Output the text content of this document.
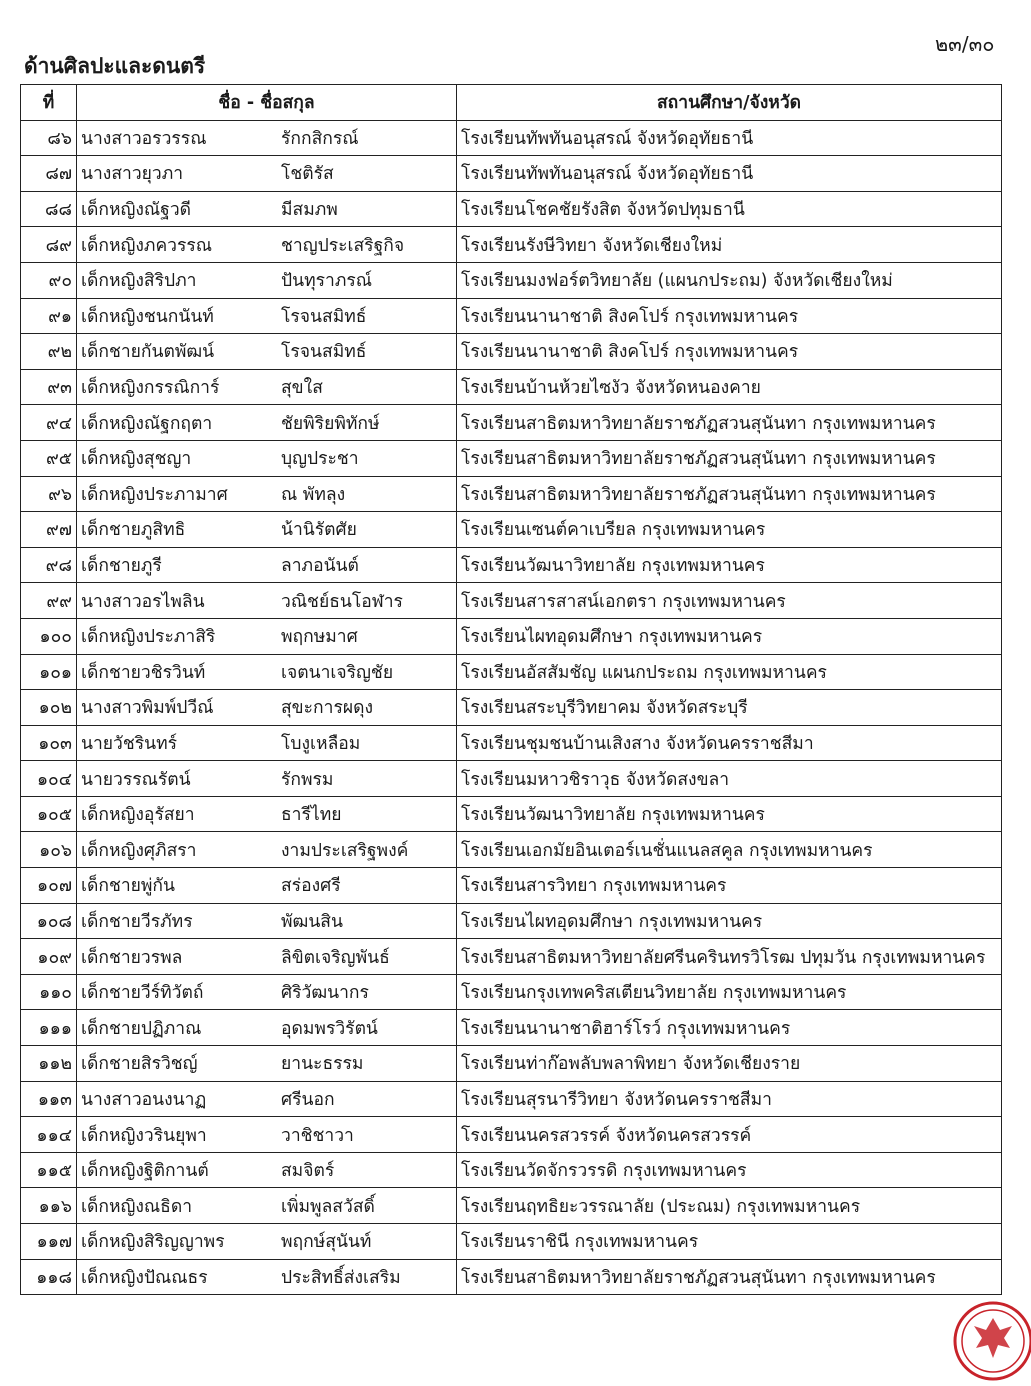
๒๓/๓๐
ด้านศิลปะและดนตรี
ที่	ชื่อ - ชื่อสกุล	สถานศึกษา/จังหวัด
๘๖	นางสาวอรวรรณ รักกสิกรณ์	โรงเรียนทัพทันอนุสรณ์ จังหวัดอุทัยธานี
๘๗	นางสาวยุวภา โชติรัส	โรงเรียนทัพทันอนุสรณ์ จังหวัดอุทัยธานี
๘๘	เด็กหญิงณัฐวดี มีสมภพ	โรงเรียนโชคชัยรังสิต จังหวัดปทุมธานี
๘๙	เด็กหญิงภควรรณ ชาญประเสริฐกิจ	โรงเรียนรังษีวิทยา จังหวัดเชียงใหม่
๙๐	เด็กหญิงสิริปภา ปันทุราภรณ์	โรงเรียนมงฟอร์ตวิทยาลัย (แผนกประถม) จังหวัดเชียงใหม่
๙๑	เด็กหญิงชนกนันท์ โรจนสมิทธ์	โรงเรียนนานาชาติ สิงคโปร์ กรุงเทพมหานคร
๙๒	เด็กชายกันตพัฒน์ โรจนสมิทธ์	โรงเรียนนานาชาติ สิงคโปร์ กรุงเทพมหานคร
๙๓	เด็กหญิงกรรณิการ์ สุขใส	โรงเรียนบ้านห้วยไซงัว จังหวัดหนองคาย
๙๔	เด็กหญิงณัฐกฤตา ชัยพิริยพิทักษ์	โรงเรียนสาธิตมหาวิทยาลัยราชภัฏสวนสุนันทา กรุงเทพมหานคร
๙๕	เด็กหญิงสุชญา บุญประชา	โรงเรียนสาธิตมหาวิทยาลัยราชภัฏสวนสุนันทา กรุงเทพมหานคร
๙๖	เด็กหญิงประภามาศ ณ พัทลุง	โรงเรียนสาธิตมหาวิทยาลัยราชภัฏสวนสุนันทา กรุงเทพมหานคร
๙๗	เด็กชายภูสิทธิ น้านิรัตศัย	โรงเรียนเซนต์คาเบรียล กรุงเทพมหานคร
๙๘	เด็กชายภูรี ลาภอนันต์	โรงเรียนวัฒนาวิทยาลัย กรุงเทพมหานคร
๙๙	นางสาวอรไพลิน วณิชย์ธนโอฬาร	โรงเรียนสารสาสน์เอกตรา กรุงเทพมหานคร
๑๐๐	เด็กหญิงประภาสิริ พฤกษมาศ	โรงเรียนไผทอุดมศึกษา กรุงเทพมหานคร
๑๐๑	เด็กชายวชิรวินท์ เจตนาเจริญชัย	โรงเรียนอัสสัมชัญ แผนกประถม กรุงเทพมหานคร
๑๐๒	นางสาวพิมพ์ปวีณ์ สุขะการผดุง	โรงเรียนสระบุรีวิทยาคม จังหวัดสระบุรี
๑๐๓	นายวัชรินทร์ โบงูเหลือม	โรงเรียนชุมชนบ้านเสิงสาง จังหวัดนครราชสีมา
๑๐๔	นายวรรณรัตน์ รักพรม	โรงเรียนมหาวชิราวุธ จังหวัดสงขลา
๑๐๕	เด็กหญิงอุรัสยา ธารีไทย	โรงเรียนวัฒนาวิทยาลัย กรุงเทพมหานคร
๑๐๖	เด็กหญิงศุภิสรา งามประเสริฐพงค์	โรงเรียนเอกมัยอินเตอร์เนชั่นแนลสคูล กรุงเทพมหานคร
๑๐๗	เด็กชายพู่กัน สร่องศรี	โรงเรียนสารวิทยา กรุงเทพมหานคร
๑๐๘	เด็กชายวีรภัทร พัฒนสิน	โรงเรียนไผทอุดมศึกษา กรุงเทพมหานคร
๑๐๙	เด็กชายวรพล ลิขิตเจริญพันธ์	โรงเรียนสาธิตมหาวิทยาลัยศรีนครินทรวิโรฒ ปทุมวัน กรุงเทพมหานคร
๑๑๐	เด็กชายวีร์ทิวัตถ์ ศิริวัฒนากร	โรงเรียนกรุงเทพคริสเตียนวิทยาลัย กรุงเทพมหานคร
๑๑๑	เด็กชายปฏิภาณ อุดมพรวิรัตน์	โรงเรียนนานาชาติฮาร์โรว์ กรุงเทพมหานคร
๑๑๒	เด็กชายสิรวิชญ์ ยานะธรรม	โรงเรียนท่าก๊อพลับพลาพิทยา จังหวัดเชียงราย
๑๑๓	นางสาวอนงนาฏ ศรีนอก	โรงเรียนสุรนารีวิทยา จังหวัดนครราชสีมา
๑๑๔	เด็กหญิงวรินยุพา วาชิชาวา	โรงเรียนนครสวรรค์ จังหวัดนครสวรรค์
๑๑๕	เด็กหญิงฐิติกานต์ สมจิตร์	โรงเรียนวัดจักรวรรดิ กรุงเทพมหานคร
๑๑๖	เด็กหญิงณธิดา เพิ่มพูลสวัสดิ์	โรงเรียนฤทธิยะวรรณาลัย (ประณม) กรุงเทพมหานคร
๑๑๗	เด็กหญิงสิริญญาพร พฤกษ์สุนันท์	โรงเรียนราชินี กรุงเทพมหานคร
๑๑๘	เด็กหญิงปัณณธร ประสิทธิ์ส่งเสริม	โรงเรียนสาธิตมหาวิทยาลัยราชภัฏสวนสุนันทา กรุงเทพมหานคร
